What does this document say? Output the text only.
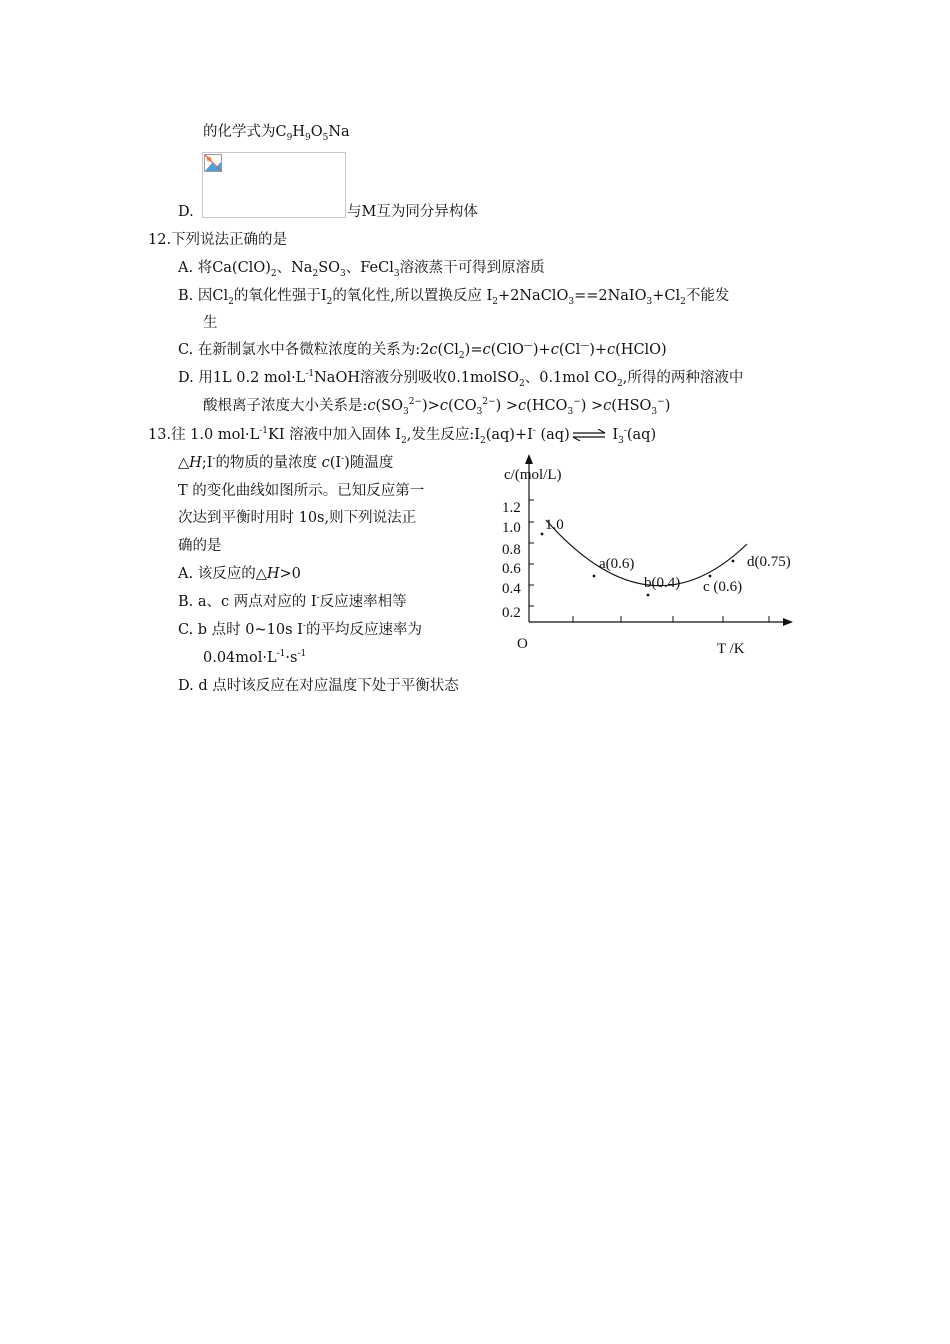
的化学式为$C_9H_9O_5Na$
D.	与M互为同分异构体
12.下列说法正确的是
A. 将$Ca(ClO)_2$、$Na_2SO_3$、FeCl$_3$溶液蒸干可得到原溶质
B. 因$Cl_2$的氧化性强于$I_2$的氧化性,所以置换反应 $I_2+2NaClO_3==2NaIO_3+Cl_2$不能发
生
C. 在新制氯水中各微粒浓度的关系为$:2c(Cl_2)=c(ClO^—)+c(Cl^—)+c(HClO)$
D. 用1L 0.2 $mol\cdot L^{-1}NaOH$溶液分别吸收0.1molSO$_2$、0.1mol $CO_2$,所得的两种溶液中
酸根离子浓度大小关系是$:c(SO_3^{2-})>c(CO_3^{2-}) >c(HCO_3^-) >c(HSO_3^-)$
13.往 1.0 $mol\cdot L^{-1}KI$ 溶液中加入固体 $I_2$,发生反应$:I_2(aq)+I^-$ (aq) ⇌ $I_3^-(aq)$
△H;I-的物质的量浓度 c(I-)随温度
T 的变化曲线如图所示。已知反应第一
次达到平衡时用时 10s,则下列说法正
确的是
A. 该反应的△H>0
B. a、c 两点对应的 I-反应速率相等
C. b 点时 0~10s I-的平均反应速率为
$0.04mol\cdot L^{-1}\cdot s^{-1}$
D. d 点时该反应在对应温度下处于平衡状态
c/(mol/L)
T /K
O
1.2
1.0
0.8
0.6
0.4
0.2
1.0
a(0.6)
b(0.4) c (0.6)
d(0.75)
